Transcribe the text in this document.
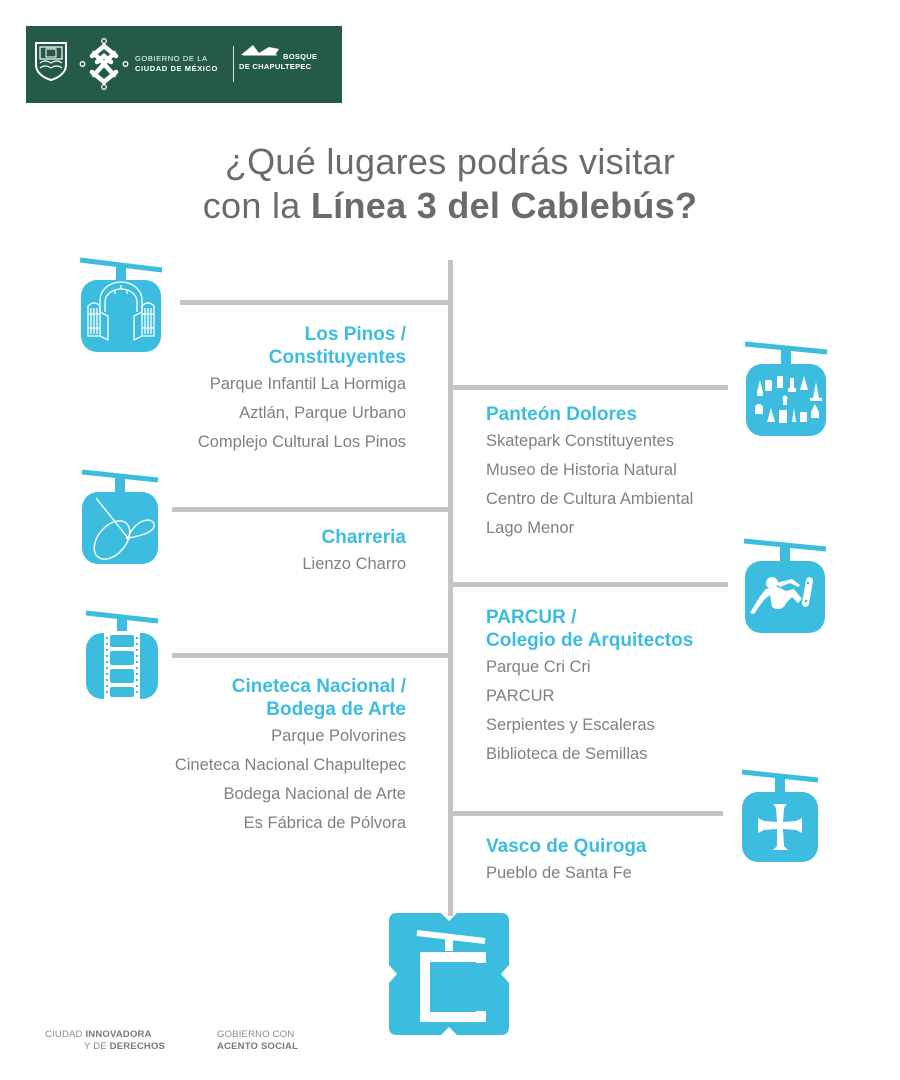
GOBIERNO DE LA
CIUDAD DE MÉXICO
BOSQUE
DE CHAPULTEPEC
¿Qué lugares podrás visitar
con la Línea 3 del Cablebús?
Los Pinos /
Constituyentes
Parque Infantil La Hormiga
Aztlán, Parque Urbano
Complejo Cultural Los Pinos
Panteón Dolores
Skatepark Constituyentes
Museo de Historia Natural
Centro de Cultura Ambiental
Lago Menor
Charreria
Lienzo Charro
PARCUR /
Colegio de Arquitectos
Parque Cri Cri
PARCUR
Serpientes y Escaleras
Biblioteca de Semillas
Cineteca Nacional /
Bodega de Arte
Parque Polvorines
Cineteca Nacional Chapultepec
Bodega Nacional de Arte
Es Fábrica de Pólvora
Vasco de Quiroga
Pueblo de Santa Fe
CIUDAD INNOVADORA
Y DE DERECHOS
GOBIERNO CON
ACENTO SOCIAL
